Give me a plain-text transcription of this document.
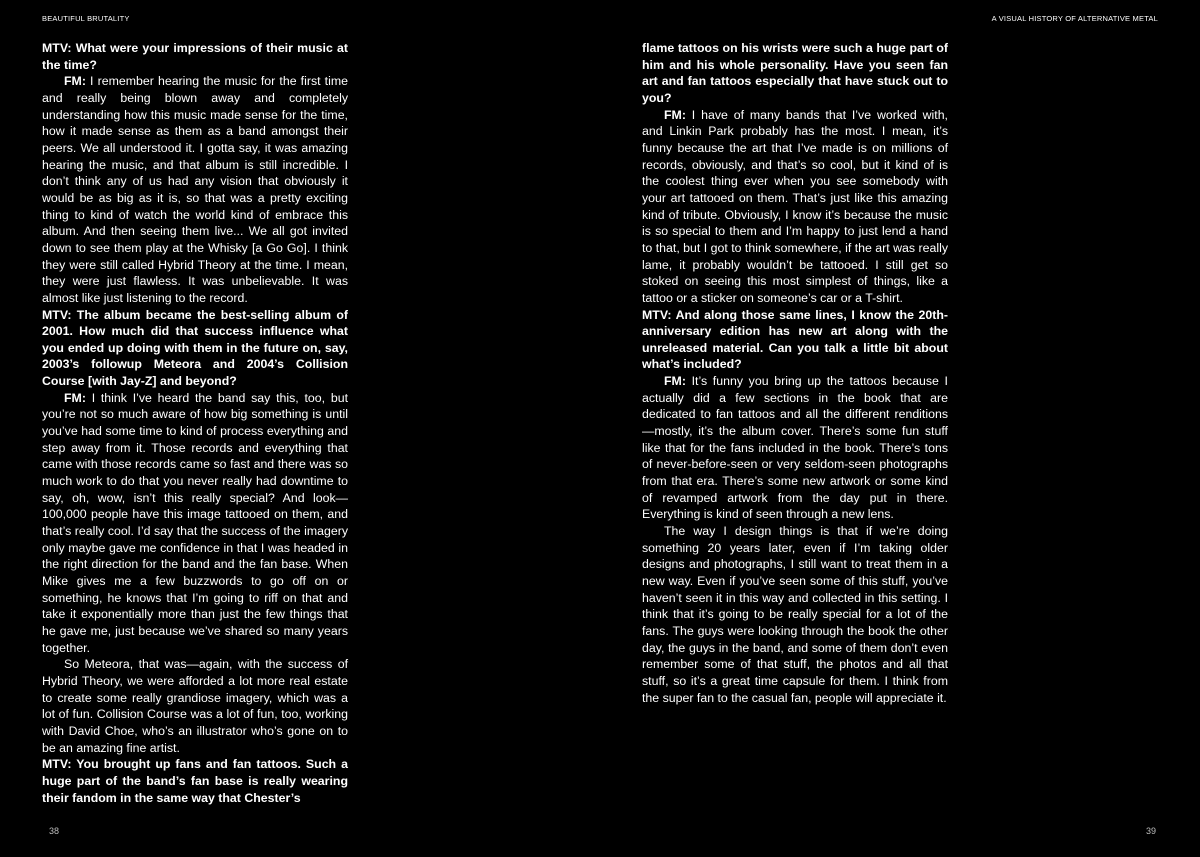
BEAUTIFUL BRUTALITY

MTV: What were your impressions of their music at the time?

FM: I remember hearing the music for the first time and really being blown away and completely understanding how this music made sense for the time, how it made sense as them as a band amongst their peers. We all understood it. I gotta say, it was amazing hearing the music, and that album is still incredible. I don’t think any of us had any vision that obviously it would be as big as it is, so that was a pretty exciting thing to kind of watch the world kind of embrace this album. And then seeing them live... We all got invited down to see them play at the Whisky [a Go Go]. I think they were still called Hybrid Theory at the time. I mean, they were just flawless. It was unbelievable. It was almost like just listening to the record.

MTV: The album became the best-selling album of 2001. How much did that success influence what you ended up doing with them in the future on, say, 2003’s followup Meteora and 2004’s Collision Course [with Jay-Z] and beyond?

FM: I think I’ve heard the band say this, too, but you’re not so much aware of how big something is until you’ve had some time to kind of process everything and step away from it. Those records and everything that came with those records came so fast and there was so much work to do that you never really had downtime to say, oh, wow, isn’t this really special? And look—100,000 people have this image tattooed on them, and that’s really cool. I’d say that the success of the imagery only maybe gave me confidence in that I was headed in the right direction for the band and the fan base. When Mike gives me a few buzzwords to go off on or something, he knows that I’m going to riff on that and take it exponentially more than just the few things that he gave me, just because we’ve shared so many years together.

So Meteora, that was—again, with the success of Hybrid Theory, we were afforded a lot more real estate to create some really grandiose imagery, which was a lot of fun. Collision Course was a lot of fun, too, working with David Choe, who’s an illustrator who’s gone on to be an amazing fine artist.

MTV: You brought up fans and fan tattoos. Such a huge part of the band’s fan base is really wearing their fandom in the same way that Chester’s

38
A VISUAL HISTORY OF ALTERNATIVE METAL

flame tattoos on his wrists were such a huge part of him and his whole personality. Have you seen fan art and fan tattoos especially that have stuck out to you?

FM: I have of many bands that I’ve worked with, and Linkin Park probably has the most. I mean, it’s funny because the art that I’ve made is on millions of records, obviously, and that’s so cool, but it kind of is the coolest thing ever when you see somebody with your art tattooed on them. That’s just like this amazing kind of tribute. Obviously, I know it’s because the music is so special to them and I’m happy to just lend a hand to that, but I got to think somewhere, if the art was really lame, it probably wouldn’t be tattooed. I still get so stoked on seeing this most simplest of things, like a tattoo or a sticker on someone’s car or a T-shirt.

MTV: And along those same lines, I know the 20th-anniversary edition has new art along with the unreleased material. Can you talk a little bit about what’s included?

FM: It’s funny you bring up the tattoos because I actually did a few sections in the book that are dedicated to fan tattoos and all the different renditions —mostly, it’s the album cover. There’s some fun stuff like that for the fans included in the book. There’s tons of never-before-seen or very seldom-seen photographs from that era. There’s some new artwork or some kind of revamped artwork from the day put in there. Everything is kind of seen through a new lens.

The way I design things is that if we’re doing something 20 years later, even if I’m taking older designs and photographs, I still want to treat them in a new way. Even if you’ve seen some of this stuff, you’ve haven’t seen it in this way and collected in this setting. I think that it’s going to be really special for a lot of the fans. The guys were looking through the book the other day, the guys in the band, and some of them don’t even remember some of that stuff, the photos and all that stuff, so it’s a great time capsule for them. I think from the super fan to the casual fan, people will appreciate it.

39
